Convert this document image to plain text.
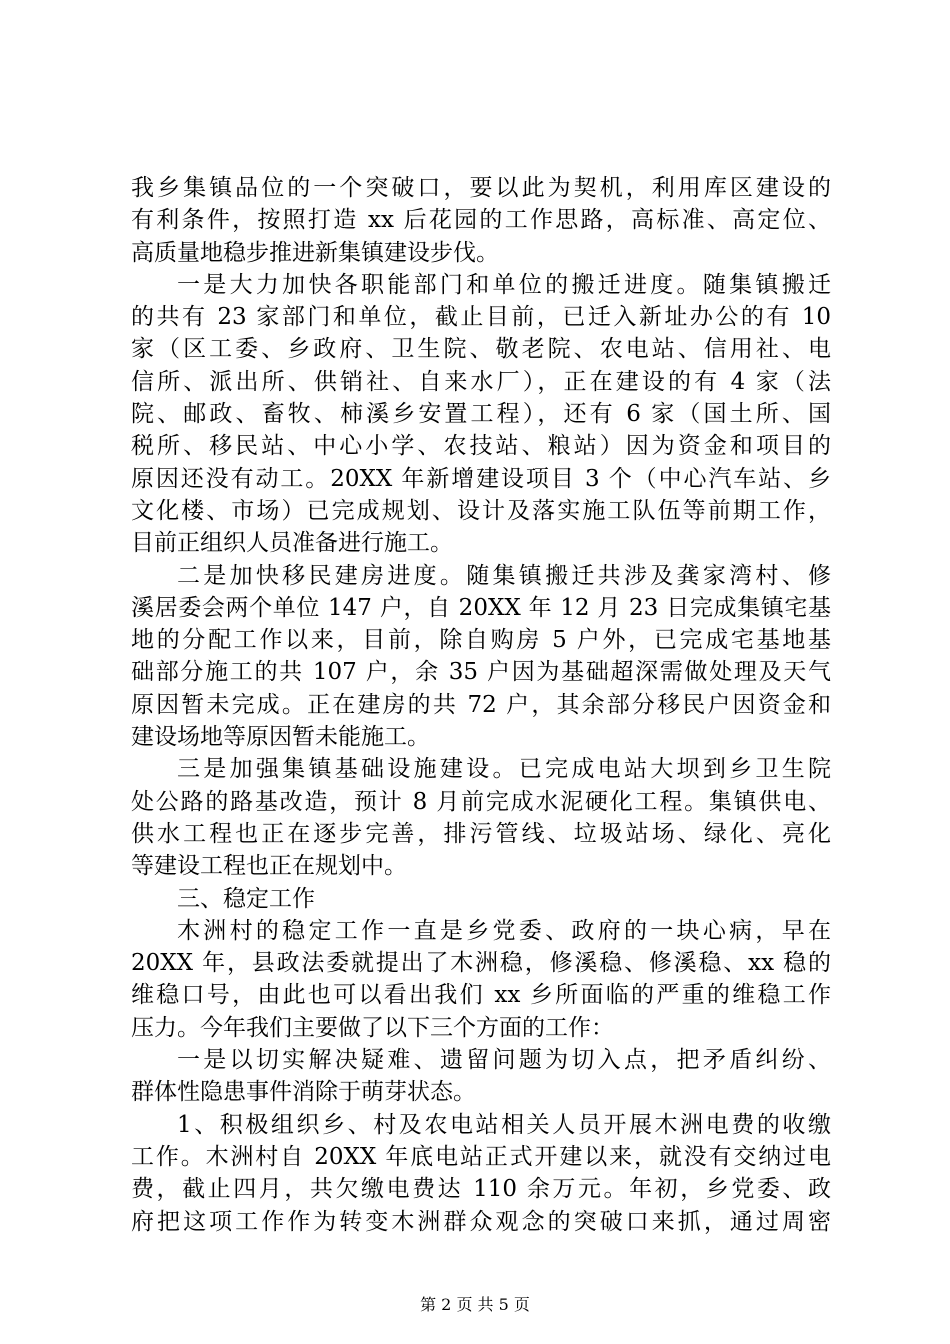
我乡集镇品位的一个突破口，要以此为契机，利用库区建设的
有利条件，按照打造 xx 后花园的工作思路，高标准、高定位、
高质量地稳步推进新集镇建设步伐。
一是大力加快各职能部门和单位的搬迁进度。随集镇搬迁
的共有 23 家部门和单位，截止目前，已迁入新址办公的有 10
家（区工委、乡政府、卫生院、敬老院、农电站、信用社、电
信所、派出所、供销社、自来水厂），正在建设的有 4 家（法
院、邮政、畜牧、柿溪乡安置工程），还有 6 家（国土所、国
税所、移民站、中心小学、农技站、粮站）因为资金和项目的
原因还没有动工。20XX 年新增建设项目 3 个（中心汽车站、乡
文化楼、市场）已完成规划、设计及落实施工队伍等前期工作，
目前正组织人员准备进行施工。
二是加快移民建房进度。随集镇搬迁共涉及龚家湾村、修
溪居委会两个单位 147 户，自 20XX 年 12 月 23 日完成集镇宅基
地的分配工作以来，目前，除自购房 5 户外，已完成宅基地基
础部分施工的共 107 户，余 35 户因为基础超深需做处理及天气
原因暂未完成。正在建房的共 72 户，其余部分移民户因资金和
建设场地等原因暂未能施工。
三是加强集镇基础设施建设。已完成电站大坝到乡卫生院
处公路的路基改造，预计 8 月前完成水泥硬化工程。集镇供电、
供水工程也正在逐步完善，排污管线、垃圾站场、绿化、亮化
等建设工程也正在规划中。
三、稳定工作
木洲村的稳定工作一直是乡党委、政府的一块心病，早在
20XX 年，县政法委就提出了木洲稳，修溪稳、修溪稳、xx 稳的
维稳口号，由此也可以看出我们 xx 乡所面临的严重的维稳工作
压力。今年我们主要做了以下三个方面的工作：
一是以切实解决疑难、遗留问题为切入点，把矛盾纠纷、
群体性隐患事件消除于萌芽状态。
1、积极组织乡、村及农电站相关人员开展木洲电费的收缴
工作。木洲村自 20XX 年底电站正式开建以来，就没有交纳过电
费，截止四月，共欠缴电费达 110 余万元。年初，乡党委、政
府把这项工作作为转变木洲群众观念的突破口来抓，通过周密
第 2 页 共 5 页
